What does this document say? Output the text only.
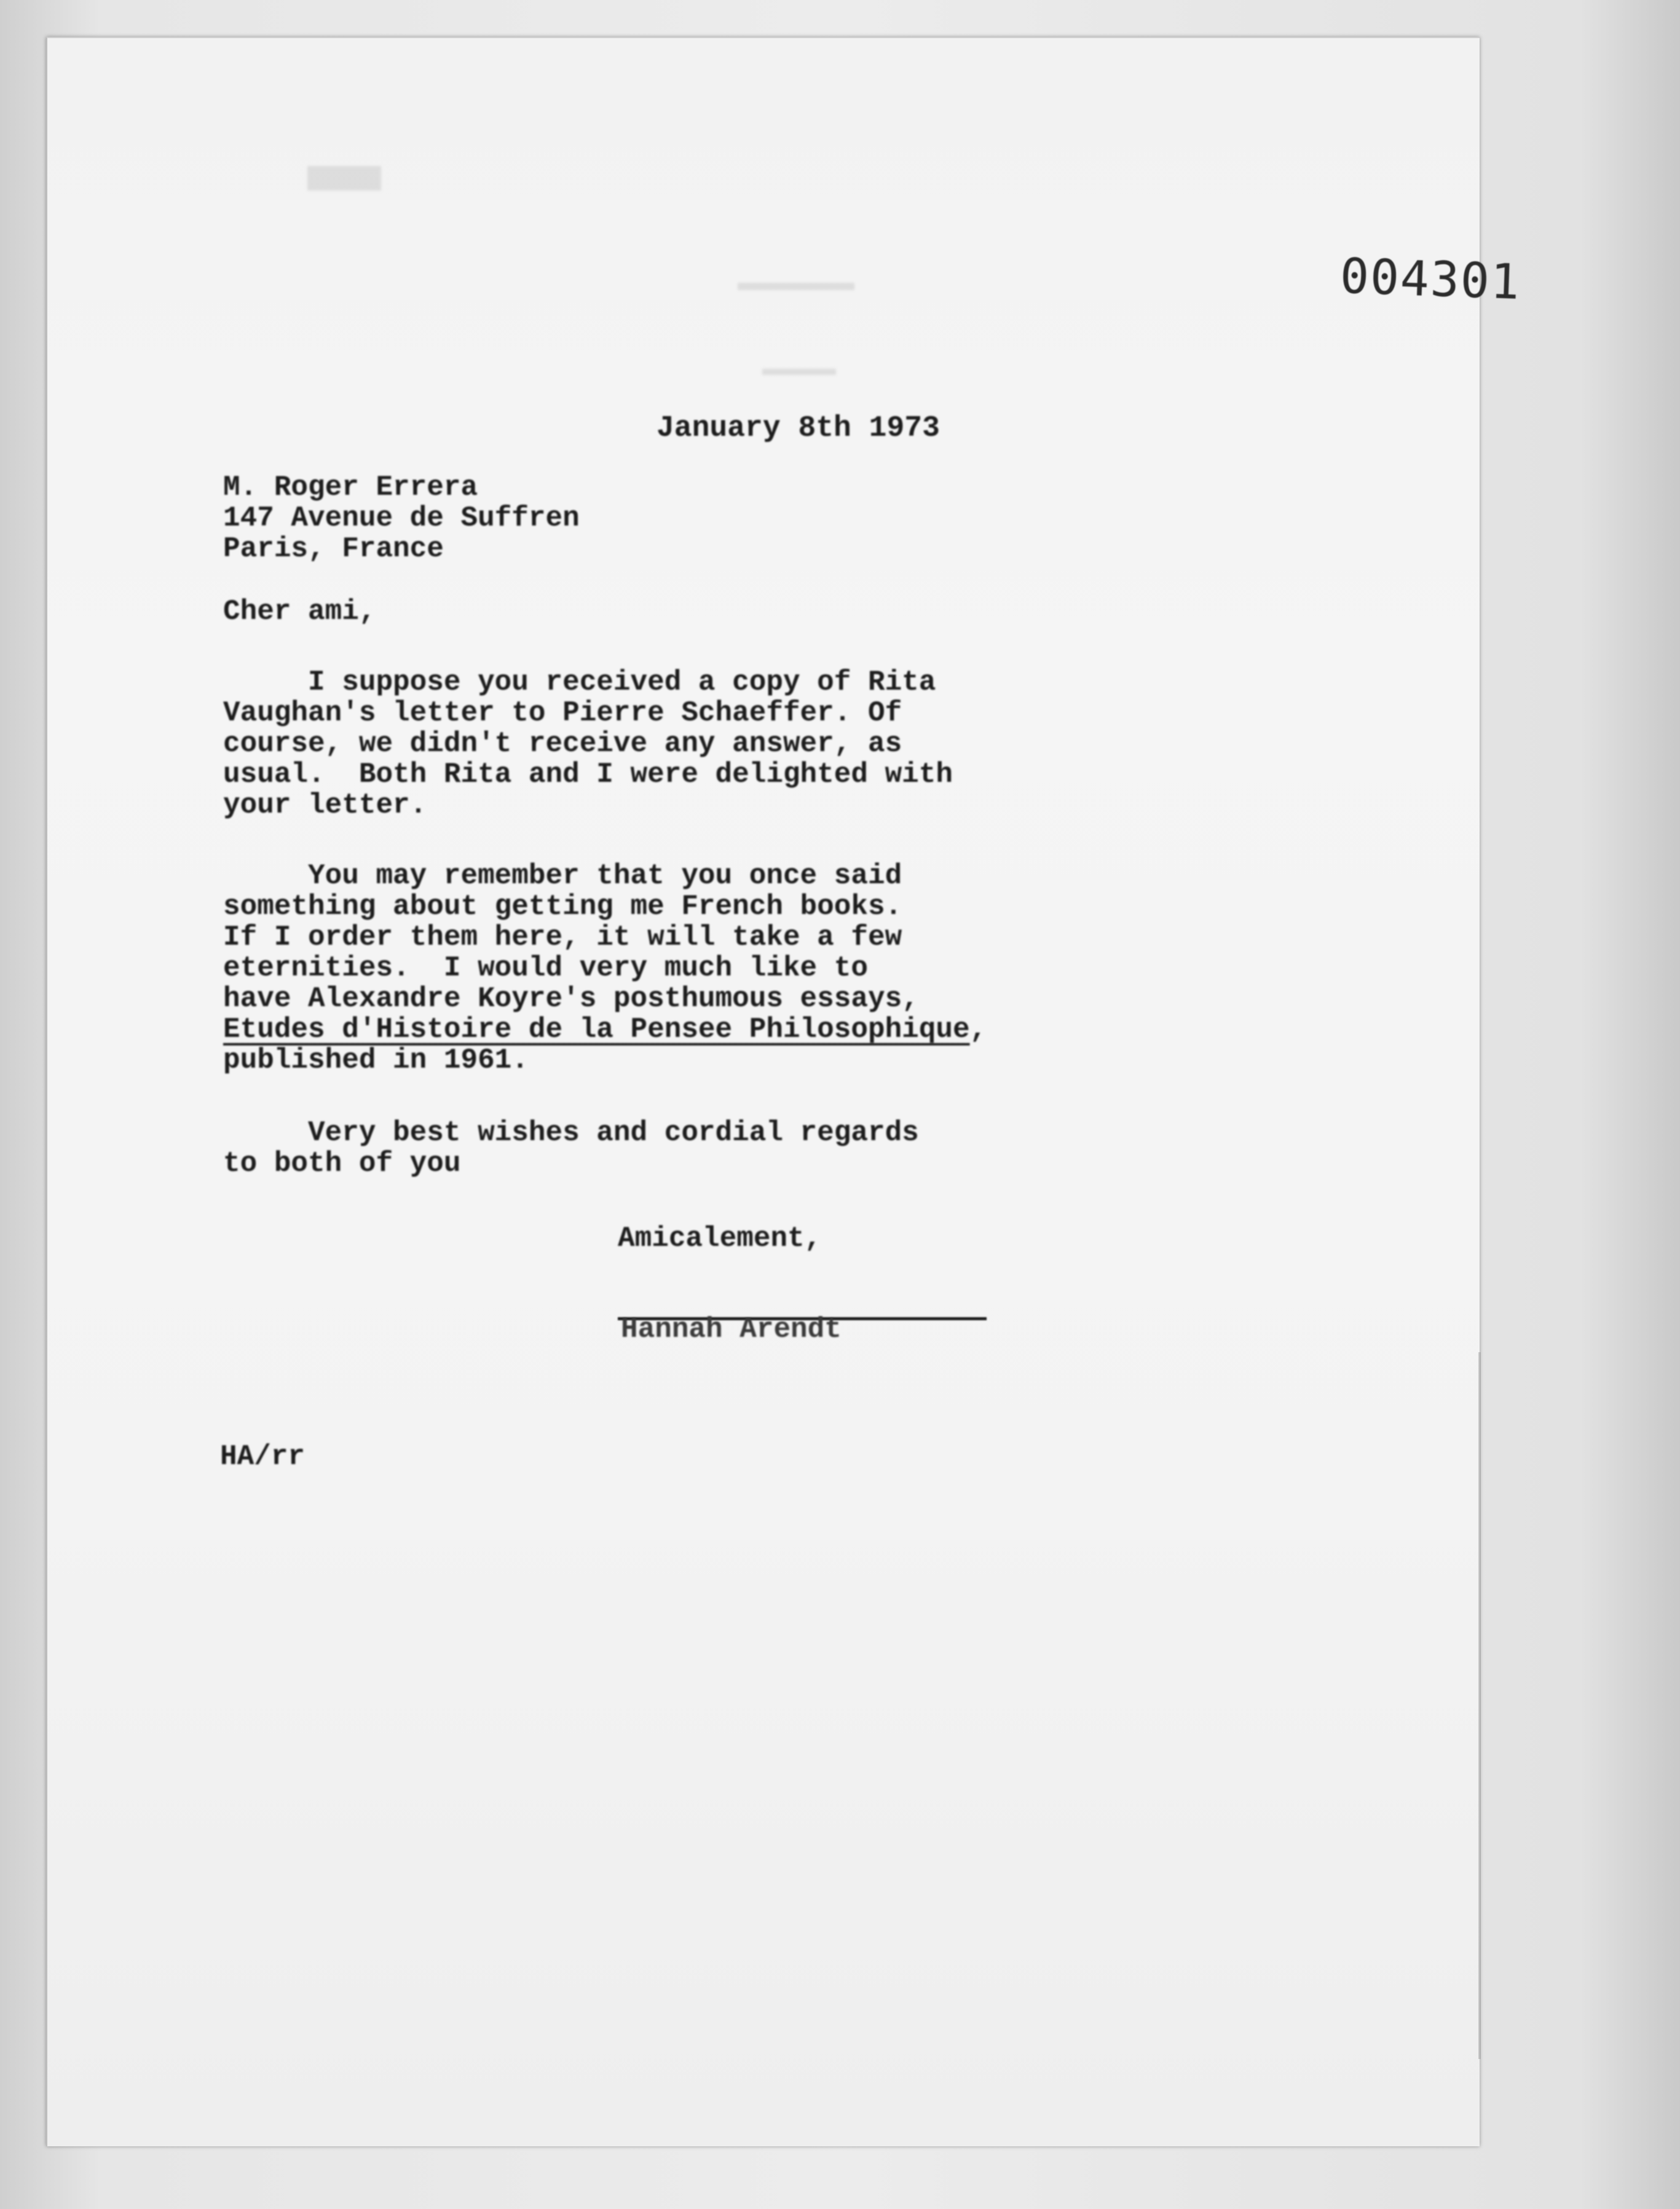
004301
January 8th 1973
M. Roger Errera
147 Avenue de Suffren
Paris, France
Cher ami,
I suppose you received a copy of Rita
Vaughan's letter to Pierre Schaeffer. Of
course, we didn't receive any answer, as
usual.  Both Rita and I were delighted with
your letter.
You may remember that you once said
something about getting me French books.
If I order them here, it will take a few
eternities.  I would very much like to
have Alexandre Koyre's posthumous essays,
Etudes d'Histoire de la Pensee Philosophique,
published in 1961.
Very best wishes and cordial regards
to both of you
Amicalement,
Hannah Arendt
HA/rr
